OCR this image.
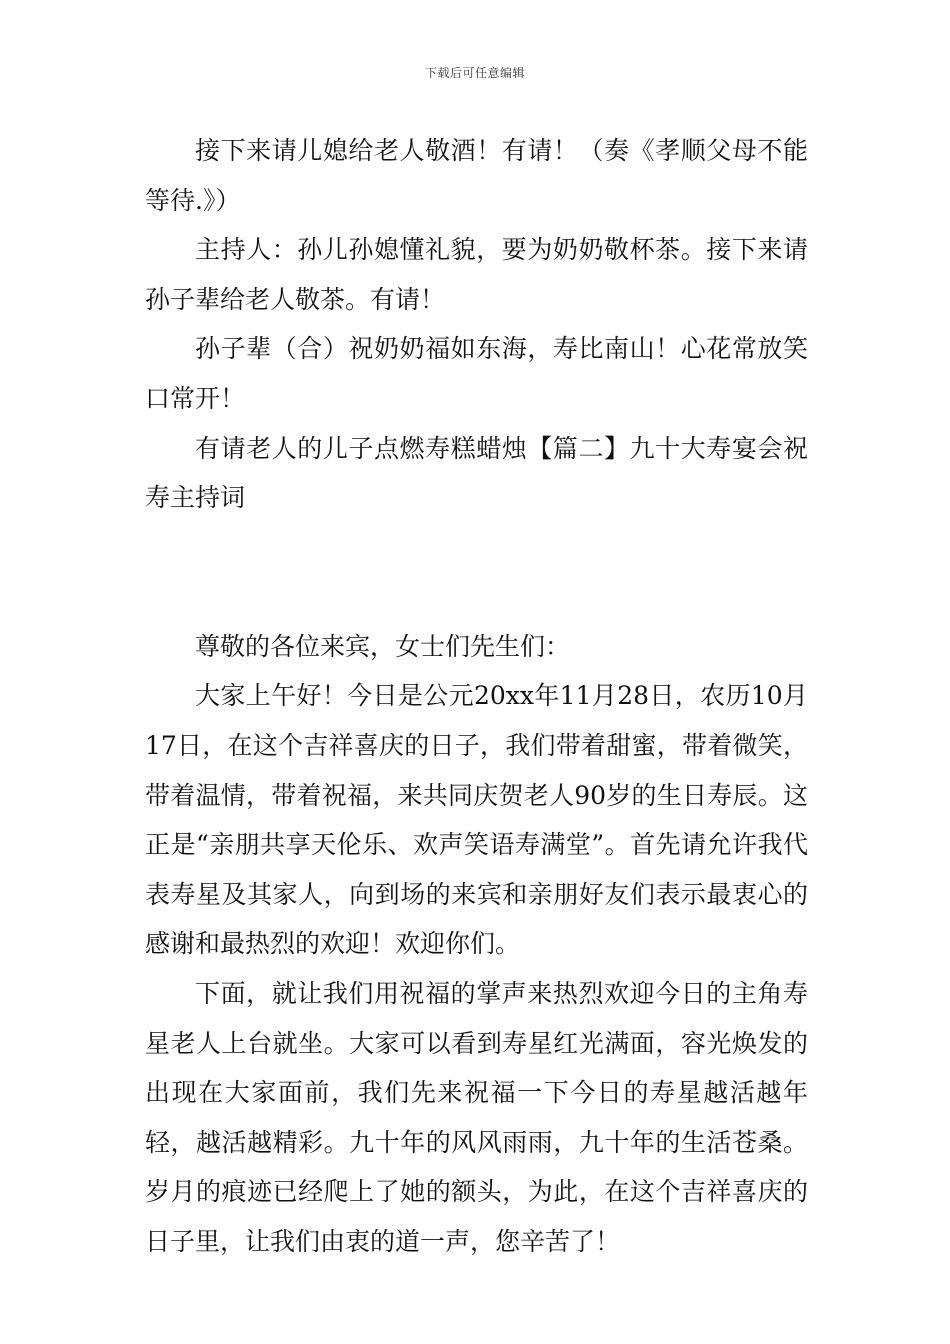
下载后可任意编辑

接下来请儿媳给老人敬酒！有请！（奏《孝顺父母不能等待.》）

主持人：孙儿孙媳懂礼貌，要为奶奶敬杯茶。接下来请孙子辈给老人敬茶。有请！

孙子辈（合）祝奶奶福如东海，寿比南山！心花常放笑口常开！

有请老人的儿子点燃寿糕蜡烛【篇二】九十大寿宴会祝寿主持词

尊敬的各位来宾，女士们先生们：

大家上午好！今日是公元20xx年11月28日，农历10月17日，在这个吉祥喜庆的日子，我们带着甜蜜，带着微笑，带着温情，带着祝福，来共同庆贺老人90岁的生日寿辰。这正是“亲朋共享天伦乐、欢声笑语寿满堂”。首先请允许我代表寿星及其家人，向到场的来宾和亲朋好友们表示最衷心的感谢和最热烈的欢迎！欢迎你们。

下面，就让我们用祝福的掌声来热烈欢迎今日的主角寿星老人上台就坐。大家可以看到寿星红光满面，容光焕发的出现在大家面前，我们先来祝福一下今日的寿星越活越年轻，越活越精彩。九十年的风风雨雨，九十年的生活苍桑。岁月的痕迹已经爬上了她的额头，为此，在这个吉祥喜庆的日子里，让我们由衷的道一声，您辛苦了！
